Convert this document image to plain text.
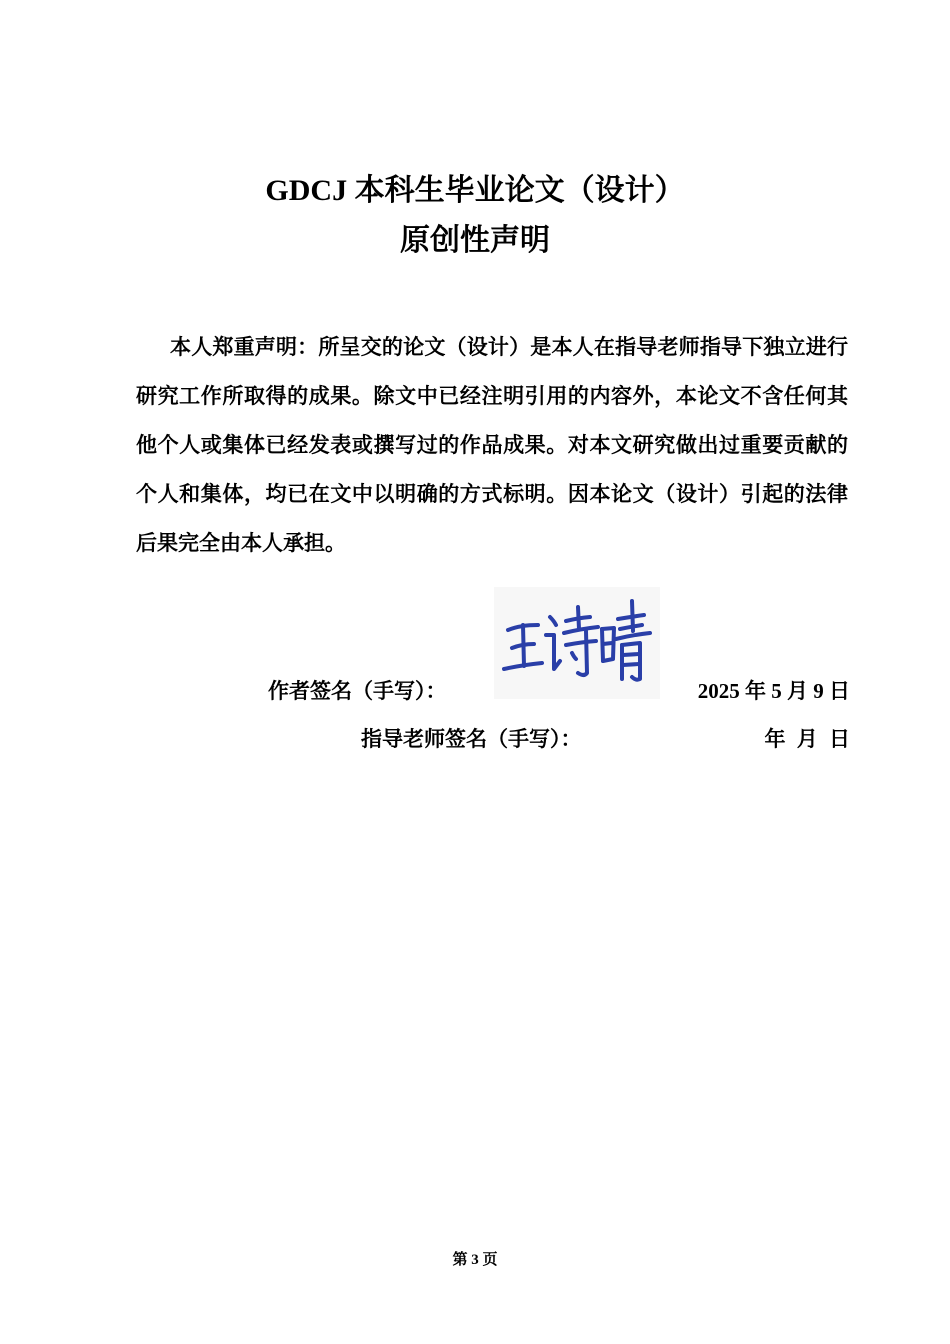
GDCJ 本科生毕业论文（设计）
原创性声明

本人郑重声明：所呈交的论文（设计）是本人在指导老师指导下独立进行研究工作所取得的成果。除文中已经注明引用的内容外，本论文不含任何其他个人或集体已经发表或撰写过的作品成果。对本文研究做出过重要贡献的个人和集体，均已在文中以明确的方式标明。因本论文（设计）引起的法律后果完全由本人承担。

作者签名（手写）：	2025 年 5 月 9 日
指导老师签名（手写）：	年 月 日
第 3 页
